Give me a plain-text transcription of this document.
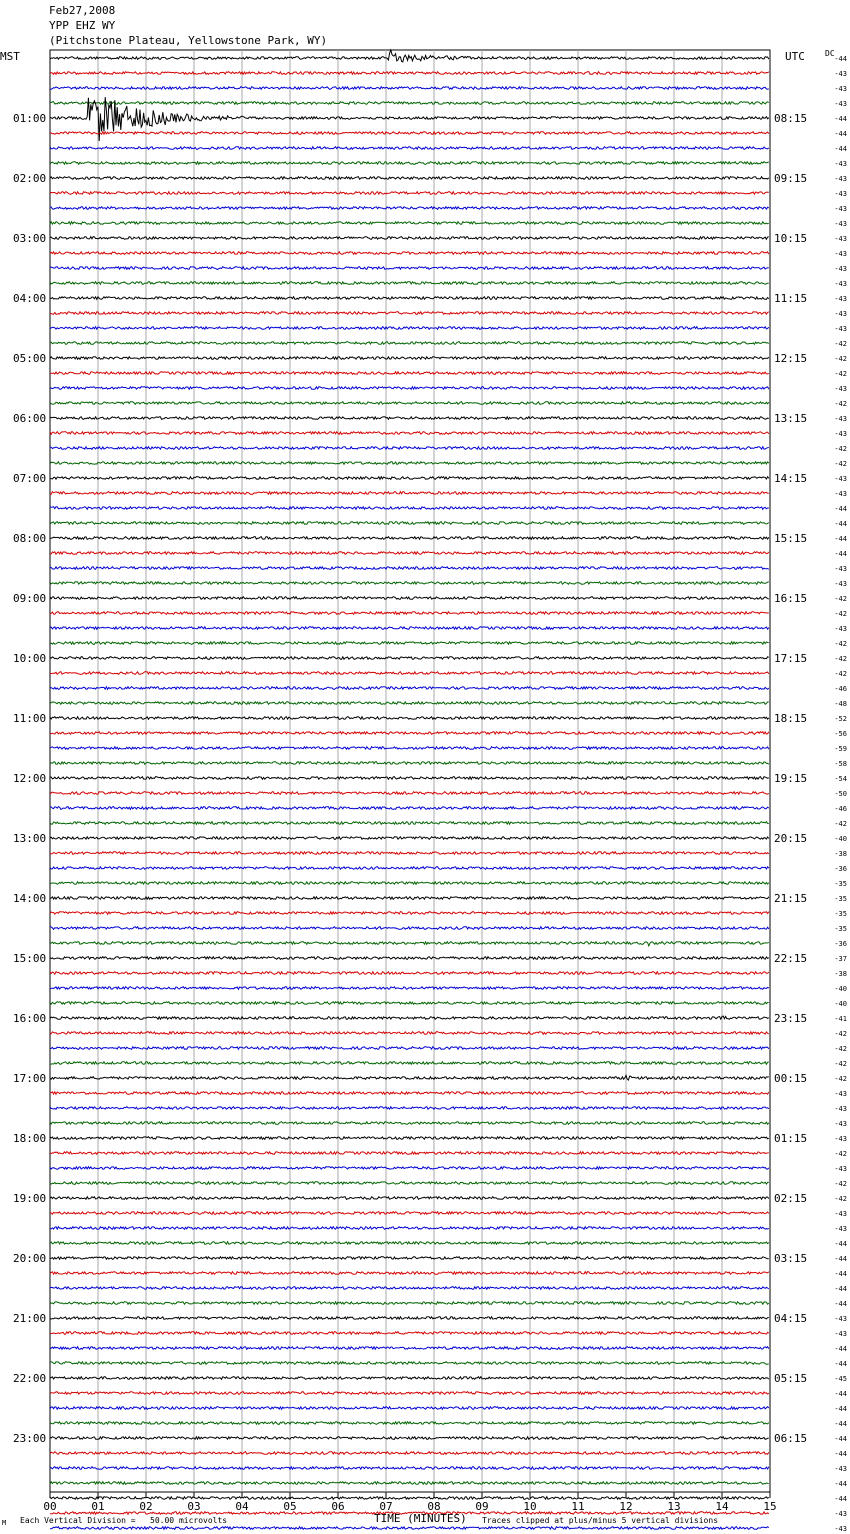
Feb27,2008
YPP EHZ WY
(Pitchstone Plateau, Yellowstone Park, WY)
MST	UTC	DC
00	01	02	03	04	05	06	07	08	09	10	11	12	13	14	15
-44
-43
-43
-43
-44
-44
-44
-43
-43
-43
-43
-43
-43
-43
-43
-43
-43
-43
-43
-42
-42
-42
-43
-42
-43
-43
-42
-42
-43
-43
-44
-44
-44
-44
-43
-43
-42
-42
-43
-42
-42
-42
-46
-48
-52
-56
-59
-58
-54
-50
-46
-42
-40
-38
-36
-35
-35
-35
-35
-36
-37
-38
-40
-40
-41
-42
-42
-42
-42
-43
-43
-43
-43
-42
-43
-42
-42
-43
-43
-44
-44
-44
-44
-44
-43
-43
-44
-44
-45
-44
-44
-44
-44
-44
-43
-44
-44
-43
-43
01:00
02:00
03:00
04:00
05:00
06:00
07:00
08:00
09:00
10:00
11:00
12:00
13:00
14:00
15:00
16:00
17:00
18:00
19:00
20:00
21:00
22:00
23:00
08:15
09:15
10:15
11:15
12:15
13:15
14:15
15:15
16:15
17:15
18:15
19:15
20:15
21:15
22:15
23:15
00:15
01:15
02:15
03:15
04:15
05:15
06:15
M Each Vertical Division =   50.00 microvolts	TIME (MINUTES) Traces clipped at plus/minus 5 vertical divisions
